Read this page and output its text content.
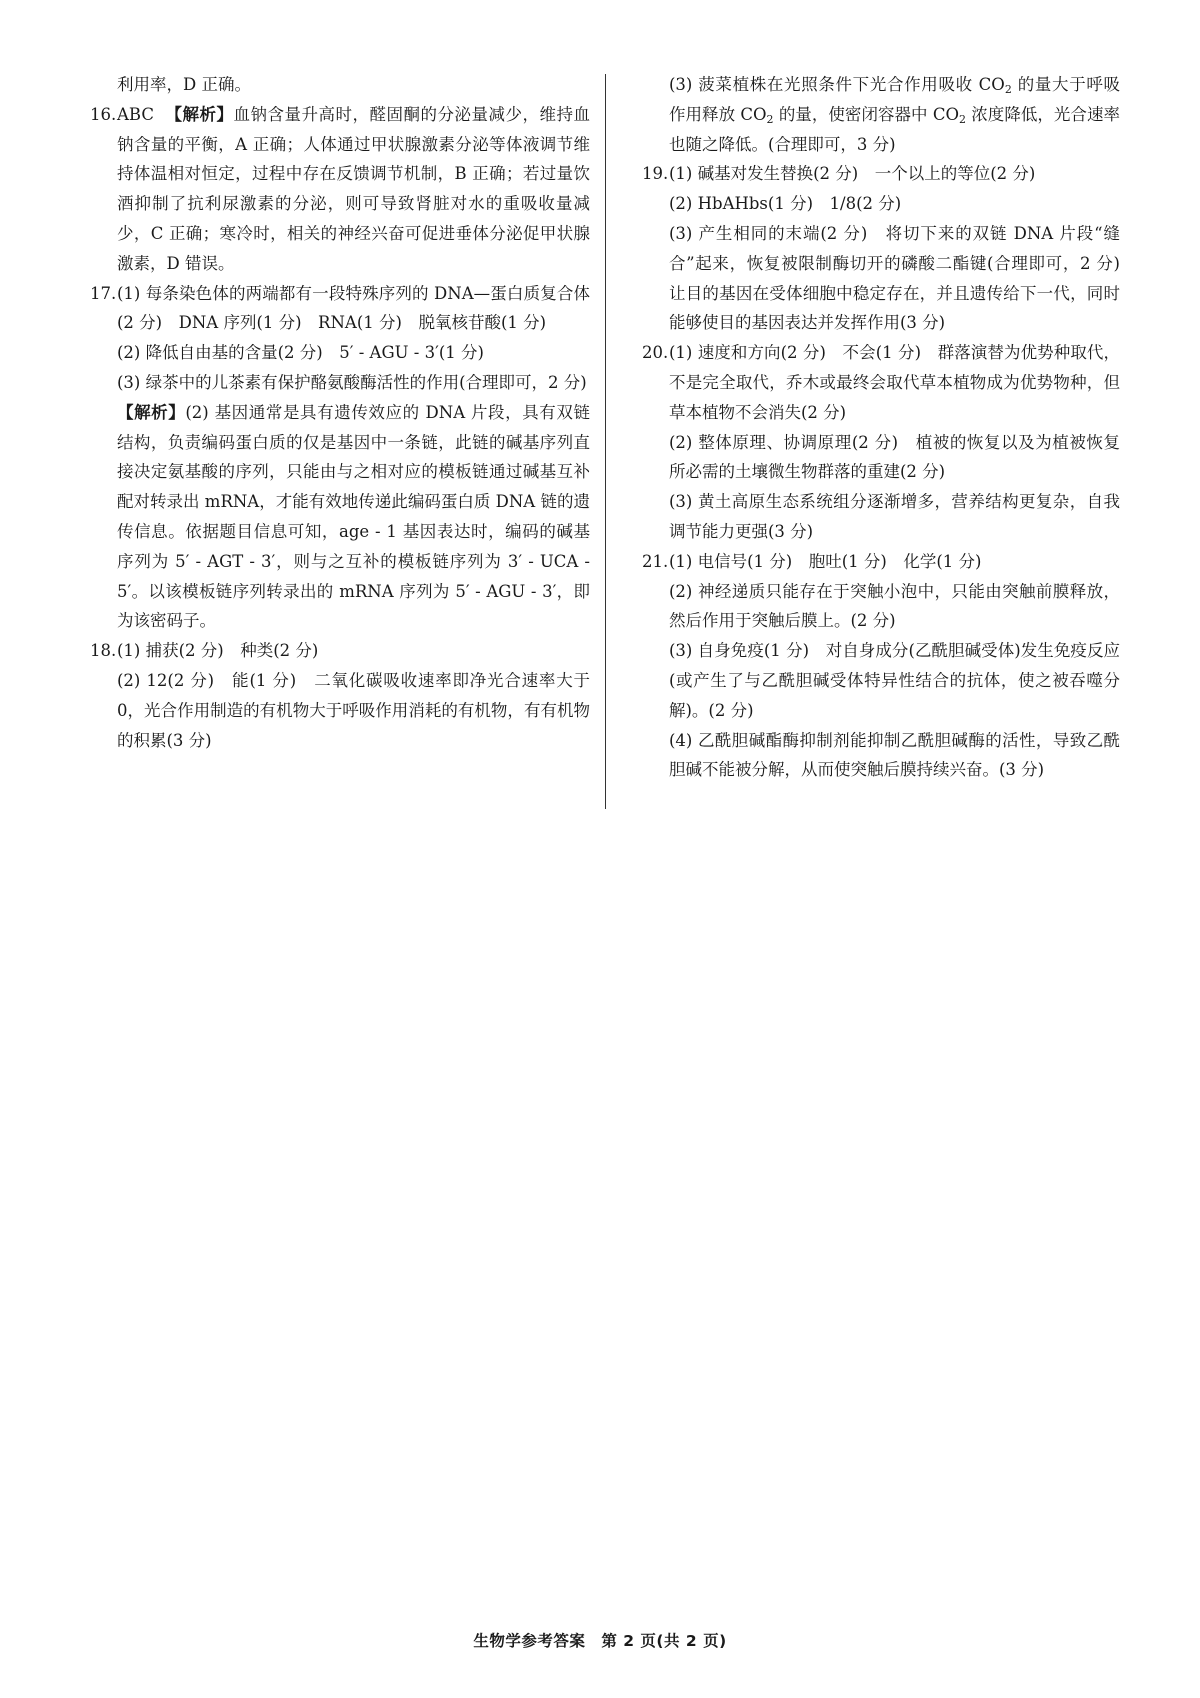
利用率，D 正确。
16. ABC 【解析】血钠含量升高时，醛固酮的分泌量减少，维持血钠含量的平衡，A 正确；人体通过甲状腺激素分泌等体液调节维持体温相对恒定，过程中存在反馈调节机制，B 正确；若过量饮酒抑制了抗利尿激素的分泌，则可导致肾脏对水的重吸收量减少，C 正确；寒冷时，相关的神经兴奋可促进垂体分泌促甲状腺激素，D 错误。
17. (1) 每条染色体的两端都有一段特殊序列的 DNA—蛋白质复合体(2 分)　DNA 序列(1 分)　RNA(1 分)　脱氧核苷酸(1 分)
(2) 降低自由基的含量(2 分)　5′ - AGU - 3′(1 分)
(3) 绿茶中的儿茶素有保护酪氨酸酶活性的作用(合理即可，2 分)
【解析】(2) 基因通常是具有遗传效应的 DNA 片段，具有双链结构，负责编码蛋白质的仅是基因中一条链，此链的碱基序列直接决定氨基酸的序列，只能由与之相对应的模板链通过碱基互补配对转录出 mRNA，才能有效地传递此编码蛋白质 DNA 链的遗传信息。依据题目信息可知，age - 1 基因表达时，编码的碱基序列为 5′ - AGT - 3′，则与之互补的模板链序列为 3′ - UCA - 5′。以该模板链序列转录出的 mRNA 序列为 5′ - AGU - 3′，即为该密码子。
18. (1) 捕获(2 分)　种类(2 分)
(2) 12(2 分)　能(1 分)　二氧化碳吸收速率即净光合速率大于 0，光合作用制造的有机物大于呼吸作用消耗的有机物，有有机物的积累(3 分)
(3) 菠菜植株在光照条件下光合作用吸收 $CO_2$ 的量大于呼吸作用释放 $CO_2$ 的量，使密闭容器中 $CO_2$ 浓度降低，光合速率也随之降低。(合理即可，3 分)
19. (1) 碱基对发生替换(2 分)　一个以上的等位(2 分)
(2) HbAHbs(1 分)　1/8(2 分)
(3) 产生相同的末端(2 分)　将切下来的双链 DNA 片段“缝合”起来，恢复被限制酶切开的磷酸二酯键(合理即可，2 分)　让目的基因在受体细胞中稳定存在，并且遗传给下一代，同时能够使目的基因表达并发挥作用(3 分)
20. (1) 速度和方向(2 分)　不会(1 分)　群落演替为优势种取代，不是完全取代，乔木或最终会取代草本植物成为优势物种，但草本植物不会消失(2 分)
(2) 整体原理、协调原理(2 分)　植被的恢复以及为植被恢复所必需的土壤微生物群落的重建(2 分)
(3) 黄土高原生态系统组分逐渐增多，营养结构更复杂，自我调节能力更强(3 分)
21. (1) 电信号(1 分)　胞吐(1 分)　化学(1 分)
(2) 神经递质只能存在于突触小泡中，只能由突触前膜释放，然后作用于突触后膜上。(2 分)
(3) 自身免疫(1 分)　对自身成分(乙酰胆碱受体)发生免疫反应(或产生了与乙酰胆碱受体特异性结合的抗体，使之被吞噬分解)。(2 分)
(4) 乙酰胆碱酯酶抑制剂能抑制乙酰胆碱酶的活性，导致乙酰胆碱不能被分解，从而使突触后膜持续兴奋。(3 分)
生物学参考答案　第 2 页(共 2 页)
